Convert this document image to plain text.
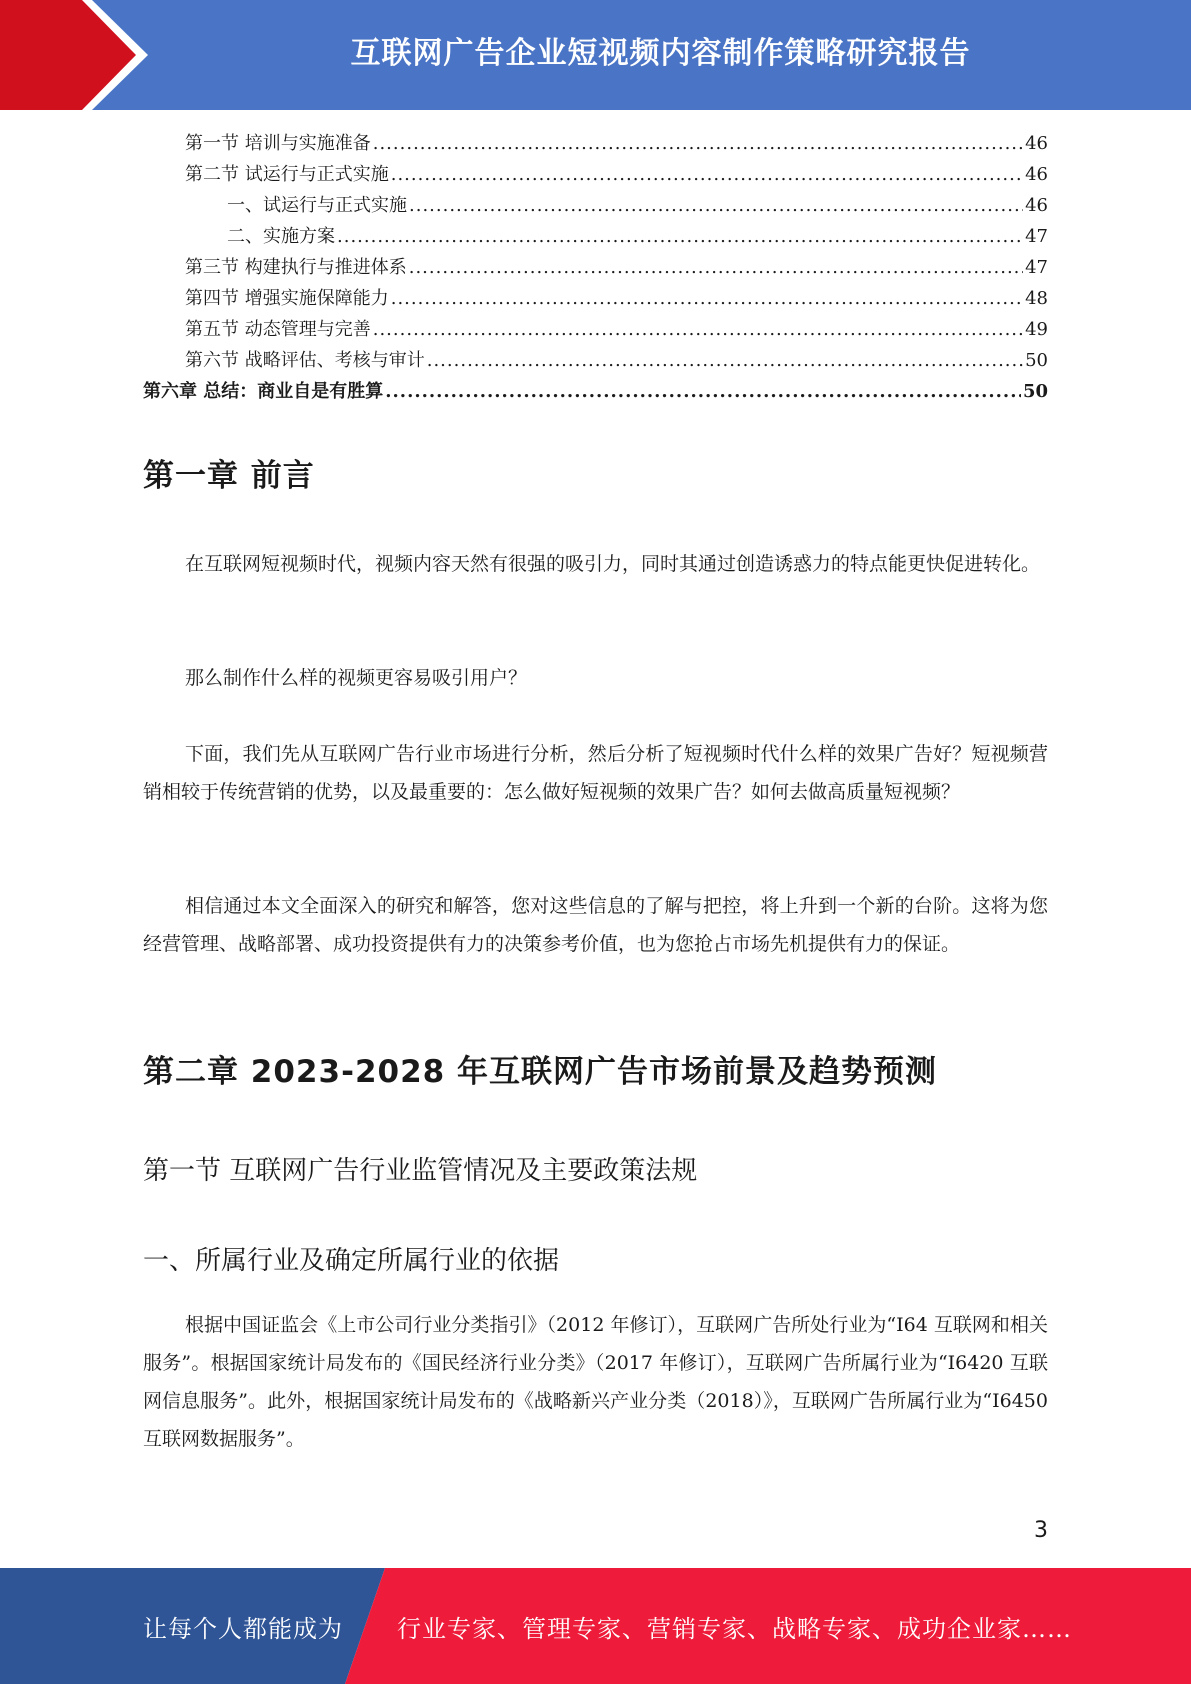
互联网广告企业短视频内容制作策略研究报告
第一节 培训与实施准备 .....	46
第二节 试运行与正式实施 .....	46
一、试运行与正式实施 .....	46
二、实施方案 .....	47
第三节 构建执行与推进体系 .....	47
第四节 增强实施保障能力 .....	48
第五节 动态管理与完善 .....	49
第六节 战略评估、考核与审计 .....	50
第六章 总结：商业自是有胜算 .....	50
第一章 前言

在互联网短视频时代，视频内容天然有很强的吸引力，同时其通过创造诱惑力的特点能更快促进转化。

那么制作什么样的视频更容易吸引用户？

下面，我们先从互联网广告行业市场进行分析，然后分析了短视频时代什么样的效果广告好？短视频营销相较于传统营销的优势，以及最重要的：怎么做好短视频的效果广告？如何去做高质量短视频？

相信通过本文全面深入的研究和解答，您对这些信息的了解与把控，将上升到一个新的台阶。这将为您经营管理、战略部署、成功投资提供有力的决策参考价值，也为您抢占市场先机提供有力的保证。

第二章 2023-2028 年互联网广告市场前景及趋势预测
第一节 互联网广告行业监管情况及主要政策法规
一、所属行业及确定所属行业的依据

根据中国证监会《上市公司行业分类指引》（2012 年修订），互联网广告所处行业为“I64 互联网和相关服务”。根据国家统计局发布的《国民经济行业分类》（2017 年修订），互联网广告所属行业为“I6420 互联网信息服务”。此外，根据国家统计局发布的《战略新兴产业分类（2018）》，互联网广告所属行业为“I6450 互联网数据服务”。

3
让每个人都能成为 行业专家、管理专家、营销专家、战略专家、成功企业家……
